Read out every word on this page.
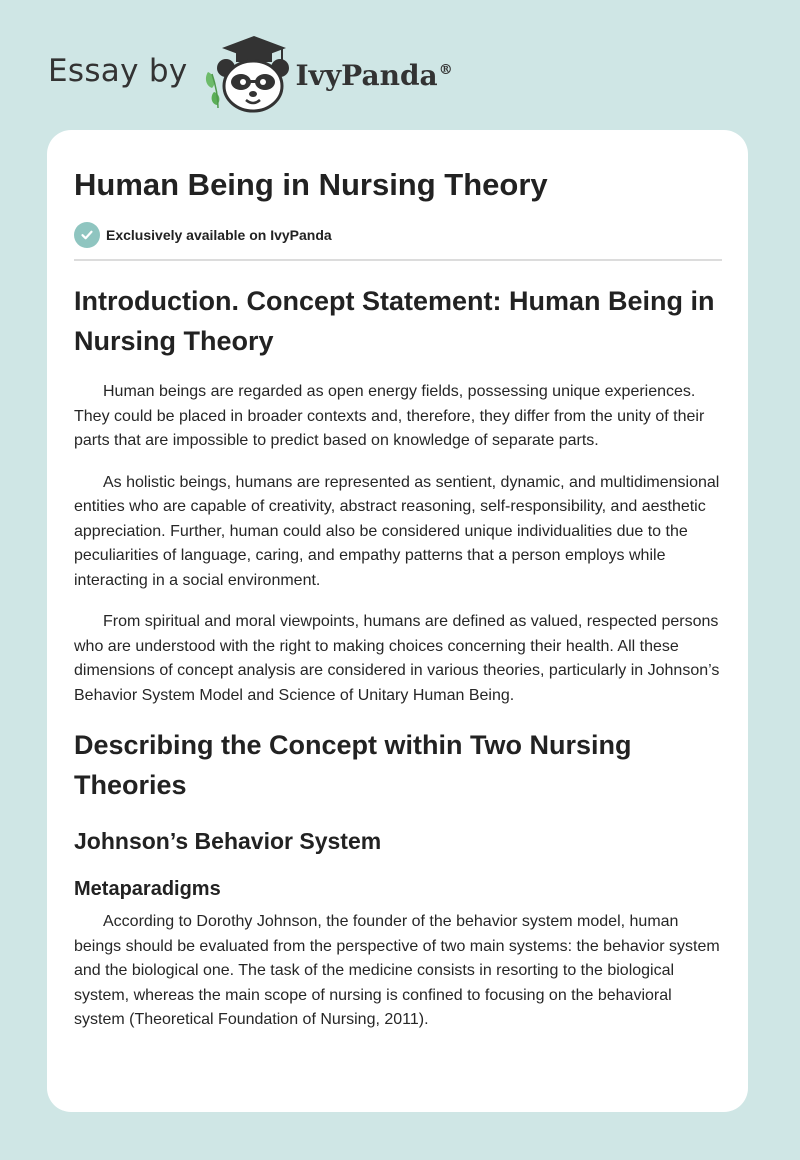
Essay by	IvyPanda®
Human Being in Nursing Theory
Exclusively available on IvyPanda
Introduction. Concept Statement: Human Being in Nursing Theory

Human beings are regarded as open energy fields, possessing unique experiences. They could be placed in broader contexts and, therefore, they differ from the unity of their parts that are impossible to predict based on knowledge of separate parts.

As holistic beings, humans are represented as sentient, dynamic, and multidimensional entities who are capable of creativity, abstract reasoning, self-responsibility, and aesthetic appreciation. Further, human could also be considered unique individualities due to the peculiarities of language, caring, and empathy patterns that a person employs while interacting in a social environment.

From spiritual and moral viewpoints, humans are defined as valued, respected persons who are understood with the right to making choices concerning their health. All these dimensions of concept analysis are considered in various theories, particularly in Johnson’s Behavior System Model and Science of Unitary Human Being.

Describing the Concept within Two Nursing Theories
Johnson’s Behavior System
Metaparadigms

According to Dorothy Johnson, the founder of the behavior system model, human beings should be evaluated from the perspective of two main systems: the behavior system and the biological one. The task of the medicine consists in resorting to the biological system, whereas the main scope of nursing is confined to focusing on the behavioral system (Theoretical Foundation of Nursing, 2011).
